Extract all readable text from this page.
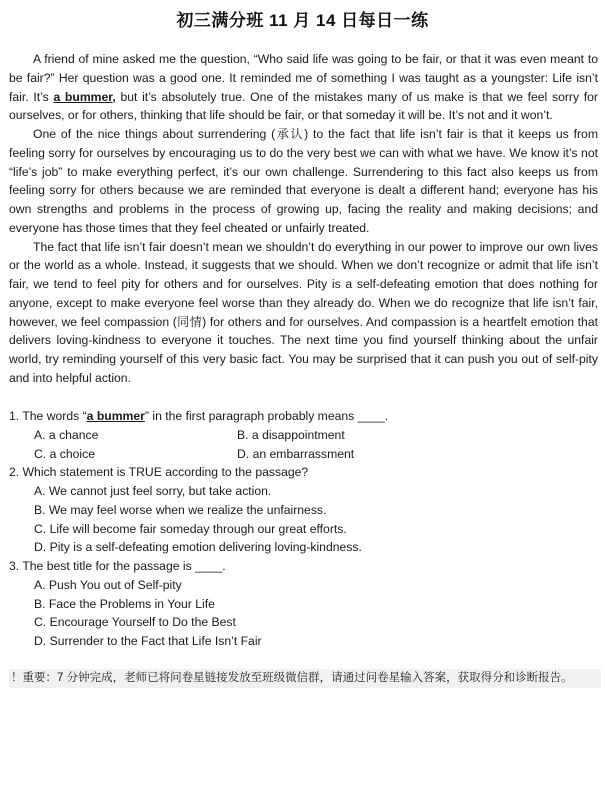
初三满分班 11 月 14 日每日一练

A friend of mine asked me the question, “Who said life was going to be fair, or that it was even meant to be fair?” Her question was a good one. It reminded me of something I was taught as a youngster: Life isn’t fair. It’s a bummer, but it’s absolutely true. One of the mistakes many of us make is that we feel sorry for ourselves, or for others, thinking that life should be fair, or that someday it will be. It’s not and it won’t.

One of the nice things about surrendering (承认) to the fact that life isn’t fair is that it keeps us from feeling sorry for ourselves by encouraging us to do the very best we can with what we have. We know it’s not “life’s job” to make everything perfect, it’s our own challenge. Surrendering to this fact also keeps us from feeling sorry for others because we are reminded that everyone is dealt a different hand; everyone has his own strengths and problems in the process of growing up, facing the reality and making decisions; and everyone has those times that they feel cheated or unfairly treated.

The fact that life isn’t fair doesn’t mean we shouldn’t do everything in our power to improve our own lives or the world as a whole. Instead, it suggests that we should. When we don’t recognize or admit that life isn’t fair, we tend to feel pity for others and for ourselves. Pity is a self-defeating emotion that does nothing for anyone, except to make everyone feel worse than they already do. When we do recognize that life isn’t fair, however, we feel compassion (同情) for others and for ourselves. And compassion is a heartfelt emotion that delivers loving-kindness to everyone it touches. The next time you find yourself thinking about the unfair world, try reminding yourself of this very basic fact. You may be surprised that it can push you out of self-pity and into helpful action.

1. The words “a bummer” in the first paragraph probably means ____.

A. a chance	B. a disappointment
C. a choice	D. an embarrassment

2. Which statement is TRUE according to the passage?

A. We cannot just feel sorry, but take action.
B. We may feel worse when we realize the unfairness.
C. Life will become fair someday through our great efforts.
D. Pity is a self-defeating emotion delivering loving-kindness.

3. The best title for the passage is ____.

A. Push You out of Self-pity
B. Face the Problems in Your Life
C. Encourage Yourself to Do the Best
D. Surrender to the Fact that Life Isn’t Fair
！重要：7 分钟完成，老师已将问卷星链接发放至班级微信群，请通过问卷星输入答案，获取得分和诊断报告。
